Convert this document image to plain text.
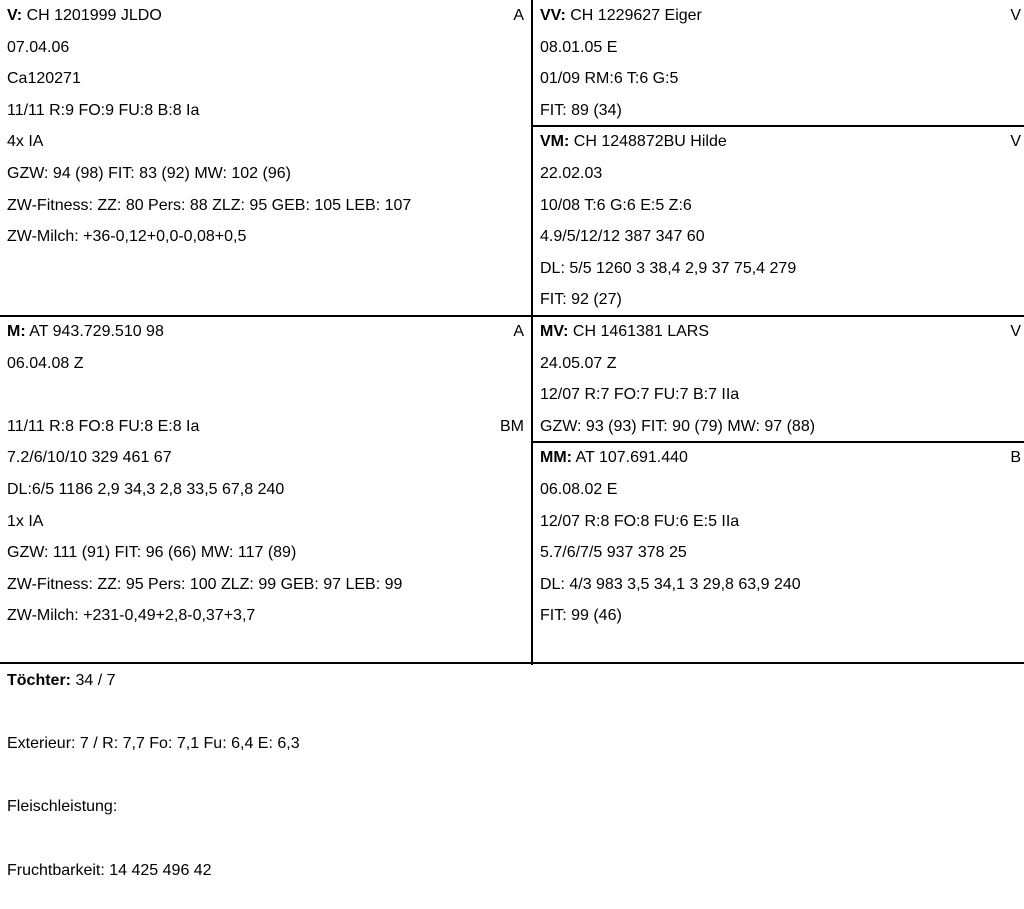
V: CH 1201999 JLDO	A
07.04.06
Ca120271
11/11 R:9 FO:9 FU:8 B:8 Ia
4x IA
GZW: 94 (98) FIT: 83 (92) MW: 102 (96)
ZW-Fitness: ZZ: 80 Pers: 88 ZLZ: 95 GEB: 105 LEB: 107
ZW-Milch: +36-0,12+0,0-0,08+0,5
VV: CH 1229627 Eiger	V
08.01.05 E
01/09 RM:6 T:6 G:5
FIT: 89 (34)
VM: CH 1248872BU Hilde	V
22.02.03
10/08 T:6 G:6 E:5 Z:6
4.9/5/12/12 387 347 60
DL: 5/5 1260 3 38,4 2,9 37 75,4 279
FIT: 92 (27)
M: AT 943.729.510 98	A
06.04.08 Z
11/11 R:8 FO:8 FU:8 E:8 Ia	BM
7.2/6/10/10 329 461 67
DL:6/5 1186 2,9 34,3 2,8 33,5 67,8 240
1x IA
GZW: 111 (91) FIT: 96 (66) MW: 117 (89)
ZW-Fitness: ZZ: 95 Pers: 100 ZLZ: 99 GEB: 97 LEB: 99
ZW-Milch: +231-0,49+2,8-0,37+3,7
MV: CH 1461381 LARS	V
24.05.07 Z
12/07 R:7 FO:7 FU:7 B:7 IIa
GZW: 93 (93) FIT: 90 (79) MW: 97 (88)
MM: AT 107.691.440	B
06.08.02 E
12/07 R:8 FO:8 FU:6 E:5 IIa
5.7/6/7/5 937 378 25
DL: 4/3 983 3,5 34,1 3 29,8 63,9 240
FIT: 99 (46)
Töchter: 34 / 7
Exterieur: 7 / R: 7,7 Fo: 7,1 Fu: 6,4 E: 6,3
Fleischleistung:
Fruchtbarkeit: 14 425 496 42
